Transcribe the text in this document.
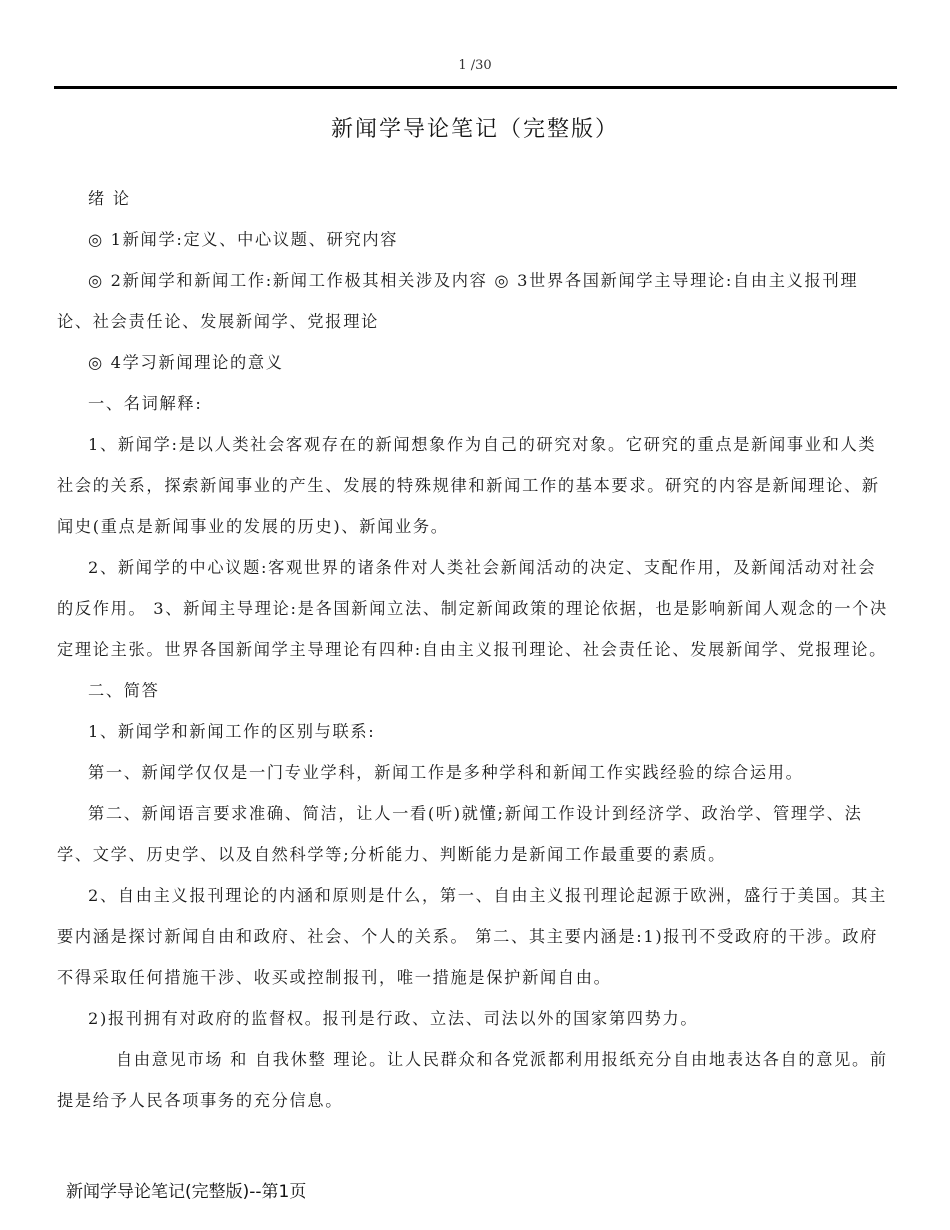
1 /30
新闻学导论笔记（完整版）

绪 论

◎ 1新闻学:定义、中心议题、研究内容

◎ 2新闻学和新闻工作:新闻工作极其相关涉及内容 ◎ 3世界各国新闻学主导理论:自由主义报刊理论、社会责任论、发展新闻学、党报理论

◎ 4学习新闻理论的意义

一、名词解释:

1、新闻学:是以人类社会客观存在的新闻想象作为自己的研究对象。它研究的重点是新闻事业和人类社会的关系，探索新闻事业的产生、发展的特殊规律和新闻工作的基本要求。研究的内容是新闻理论、新闻史(重点是新闻事业的发展的历史)、新闻业务。

2、新闻学的中心议题:客观世界的诸条件对人类社会新闻活动的决定、支配作用，及新闻活动对社会的反作用。 3、新闻主导理论:是各国新闻立法、制定新闻政策的理论依据，也是影响新闻人观念的一个决定理论主张。世界各国新闻学主导理论有四种:自由主义报刊理论、社会责任论、发展新闻学、党报理论。

二、简答

1、新闻学和新闻工作的区别与联系:

第一、新闻学仅仅是一门专业学科，新闻工作是多种学科和新闻工作实践经验的综合运用。

第二、新闻语言要求准确、简洁，让人一看(听)就懂;新闻工作设计到经济学、政治学、管理学、法学、文学、历史学、以及自然科学等;分析能力、判断能力是新闻工作最重要的素质。

2、自由主义报刊理论的内涵和原则是什么，第一、自由主义报刊理论起源于欧洲，盛行于美国。其主要内涵是探讨新闻自由和政府、社会、个人的关系。 第二、其主要内涵是:1)报刊不受政府的干涉。政府不得采取任何措施干涉、收买或控制报刊，唯一措施是保护新闻自由。

2)报刊拥有对政府的监督权。报刊是行政、立法、司法以外的国家第四势力。

自由意见市场 和 自我休整 理论。让人民群众和各党派都利用报纸充分自由地表达各自的意见。前提是给予人民各项事务的充分信息。

新闻学导论笔记(完整版)--第1页
